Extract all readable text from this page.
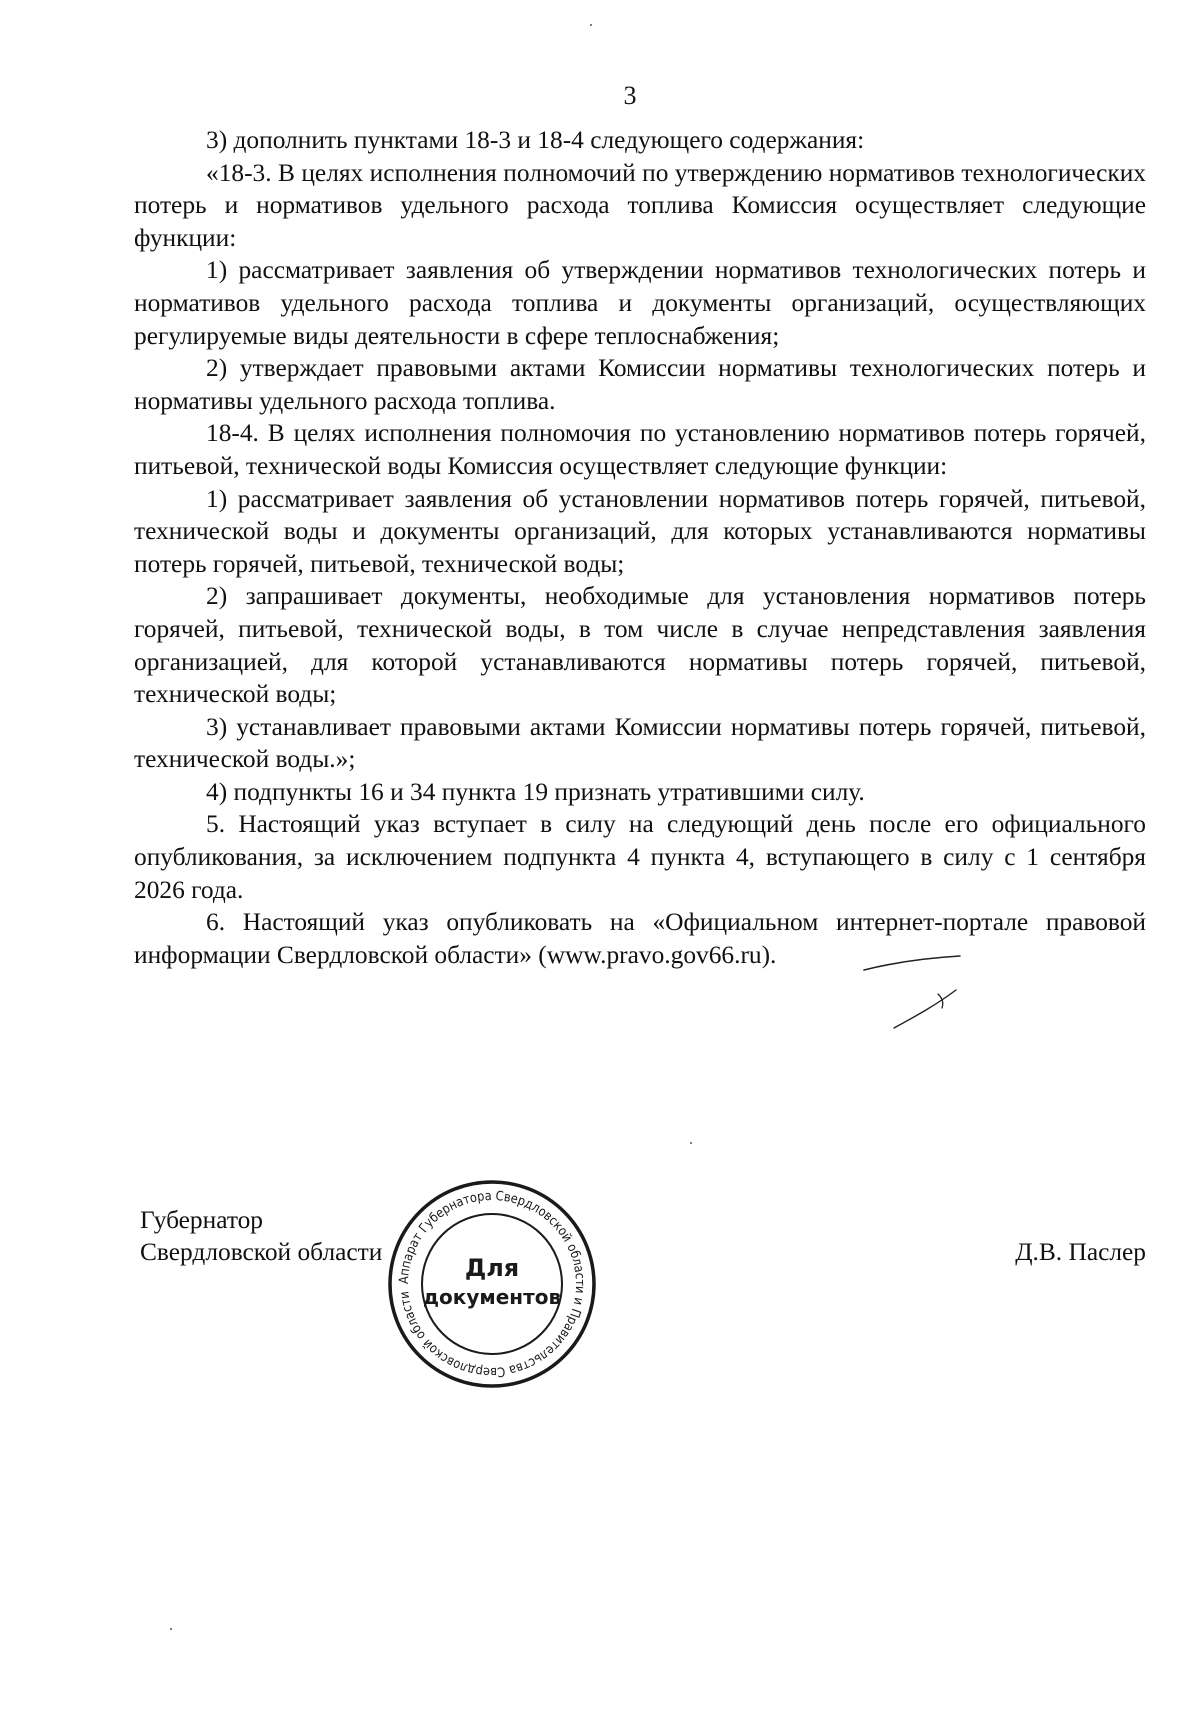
3

3) дополнить пунктами 18-3 и 18-4 следующего содержания:

«18-3. В целях исполнения полномочий по утверждению нормативов технологических потерь и нормативов удельного расхода топлива Комиссия осуществляет следующие функции:

1) рассматривает заявления об утверждении нормативов технологических потерь и нормативов удельного расхода топлива и документы организаций, осуществляющих регулируемые виды деятельности в сфере теплоснабжения;

2) утверждает правовыми актами Комиссии нормативы технологических потерь и нормативы удельного расхода топлива.

18-4. В целях исполнения полномочия по установлению нормативов потерь горячей, питьевой, технической воды Комиссия осуществляет следующие функции:

1) рассматривает заявления об установлении нормативов потерь горячей, питьевой, технической воды и документы организаций, для которых устанавливаются нормативы потерь горячей, питьевой, технической воды;

2) запрашивает документы, необходимые для установления нормативов потерь горячей, питьевой, технической воды, в том числе в случае непредставления заявления организацией, для которой устанавливаются нормативы потерь горячей, питьевой, технической воды;

3) устанавливает правовыми актами Комиссии нормативы потерь горячей, питьевой, технической воды.»;

4) подпункты 16 и 34 пункта 19 признать утратившими силу.

5. Настоящий указ вступает в силу на следующий день после его официального опубликования, за исключением подпункта 4 пункта 4, вступающего в силу с 1 сентября 2026 года.

6. Настоящий указ опубликовать на «Официальном интернет-портале правовой информации Свердловской области» (www.pravo.gov66.ru).

Губернатор
Свердловской области	Д.В. Паслер
Аппарат Губернатора Свердловской области и Правительства Свердловской области
Для
документов
